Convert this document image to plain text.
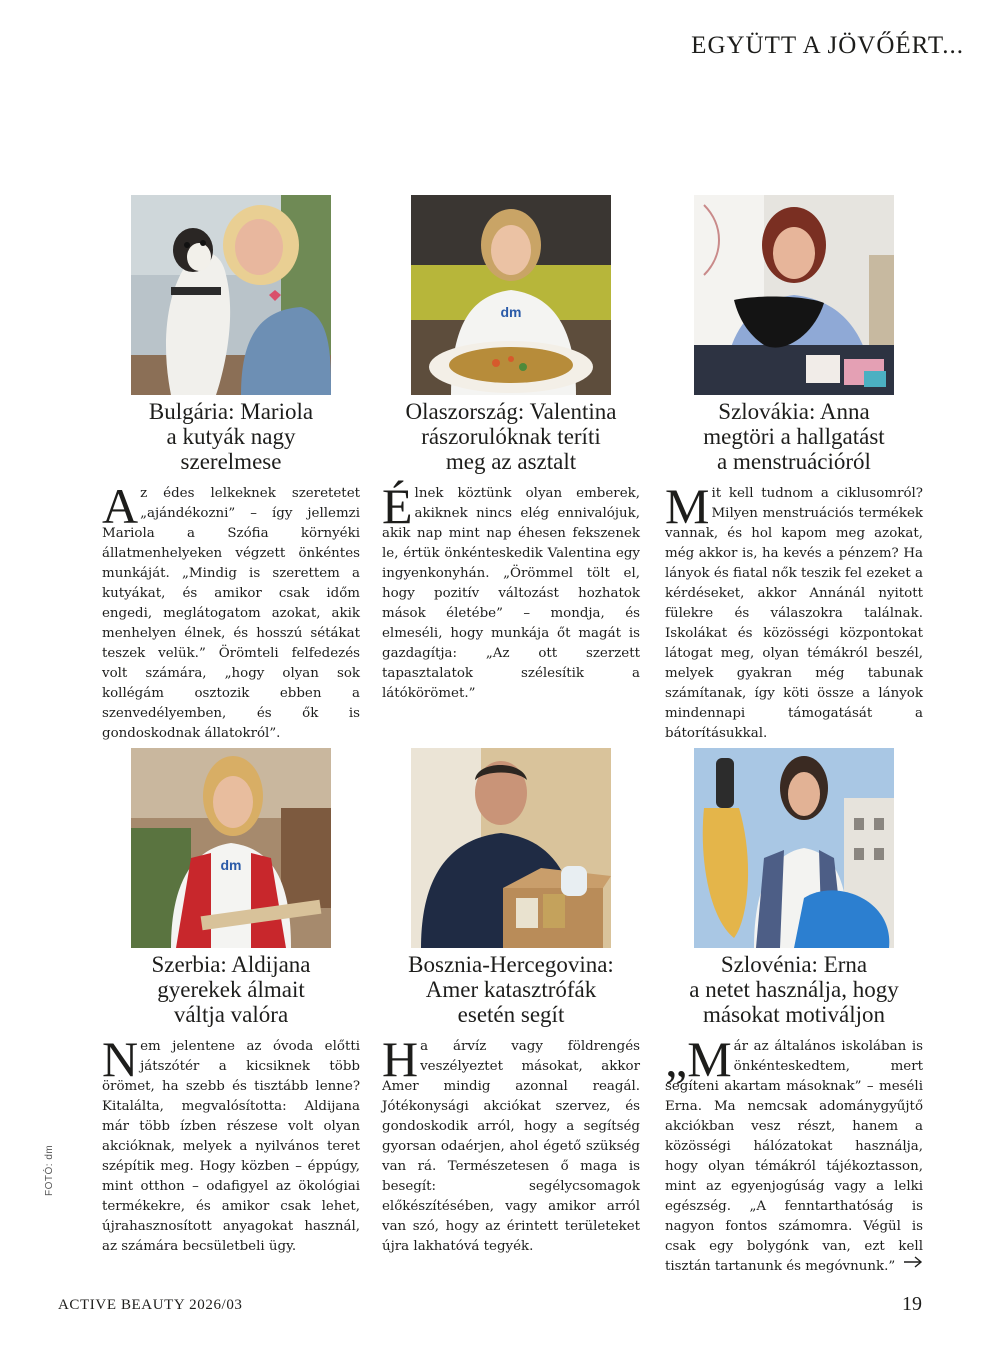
EGYÜTT A JÖVŐÉRT...
Bulgária: Mariola
a kutyák nagy
szerelmese
Az édes lelkeknek szeretetet „ajándékozni” – így jellemzi Mariola a Szófia környéki állatmenhelyeken végzett önkéntes munkáját. „Mindig is szerettem a kutyákat, és amikor csak időm engedi, meglátogatom azokat, akik menhelyen élnek, és hosszú sétákat teszek velük.” Örömteli felfedezés volt számára, „hogy olyan sok kollégám osztozik ebben a szenvedélyemben, és ők is gondoskodnak állatokról”.
dm
Olaszország: Valentina
rászorulóknak teríti
meg az asztalt
Élnek köztünk olyan emberek, akiknek nincs elég ennivalójuk, akik nap mint nap éhesen fekszenek le, értük önkénteskedik Valentina egy ingyenkonyhán. „Örömmel tölt el, hogy pozitív változást hozhatok mások életébe” – mondja, és elmeséli, hogy munkája őt magát is gazdagítja: „Az ott szerzett tapasztalatok szélesítik a látókörömet.”
Szlovákia: Anna
megtöri a hallgatást
a menstruációról
Mit kell tudnom a ciklusomról? Milyen menstruációs termékek vannak, és hol kapom meg azokat, még akkor is, ha kevés a pénzem? Ha lányok és fiatal nők teszik fel ezeket a kérdéseket, akkor Annánál nyitott fülekre és válaszokra találnak. Iskolákat és közösségi központokat látogat meg, olyan témákról beszél, melyek gyakran még tabunak számítanak, így köti össze a lányok mindennapi támogatását a bátorításukkal.
dm
Szerbia: Aldijana
gyerekek álmait
váltja valóra
Nem jelentene az óvoda előtti játszótér a kicsiknek több örömet, ha szebb és tisztább lenne? Kitalálta, megvalósította: Aldijana már több ízben részese volt olyan akcióknak, melyek a nyilvános teret szépítik meg. Hogy közben – éppúgy, mint otthon – odafigyel az ökológiai termékekre, és amikor csak lehet, újrahasznosított anyagokat használ, az számára becsületbeli ügy.
Bosznia-Hercegovina:
Amer katasztrófák
esetén segít
Ha árvíz vagy földrengés veszélyeztet másokat, akkor Amer mindig azonnal reagál. Jótékonysági akciókat szervez, és gondoskodik arról, hogy a segítség gyorsan odaérjen, ahol égető szükség van rá. Természetesen ő maga is besegít: segélycsomagok előkészítésében, vagy amikor arról van szó, hogy az érintett területeket újra lakhatóvá tegyék.
Szlovénia: Erna
a netet használja, hogy
másokat motiváljon
„Már az általános iskolában is önkénteskedtem, mert segíteni akartam másoknak” – meséli Erna. Ma nemcsak adománygyűjtő akciókban vesz részt, hanem a közösségi hálózatokat használja, hogy olyan témákról tájékoztasson, mint az egyenjogúság vagy a lelki egészség. „A fenntarthatóság is nagyon fontos számomra. Végül is csak egy bolygónk van, ezt kell tisztán tartanunk és megóvnunk.”
FOTÓ: dm
ACTIVE BEAUTY 2026/03	19
